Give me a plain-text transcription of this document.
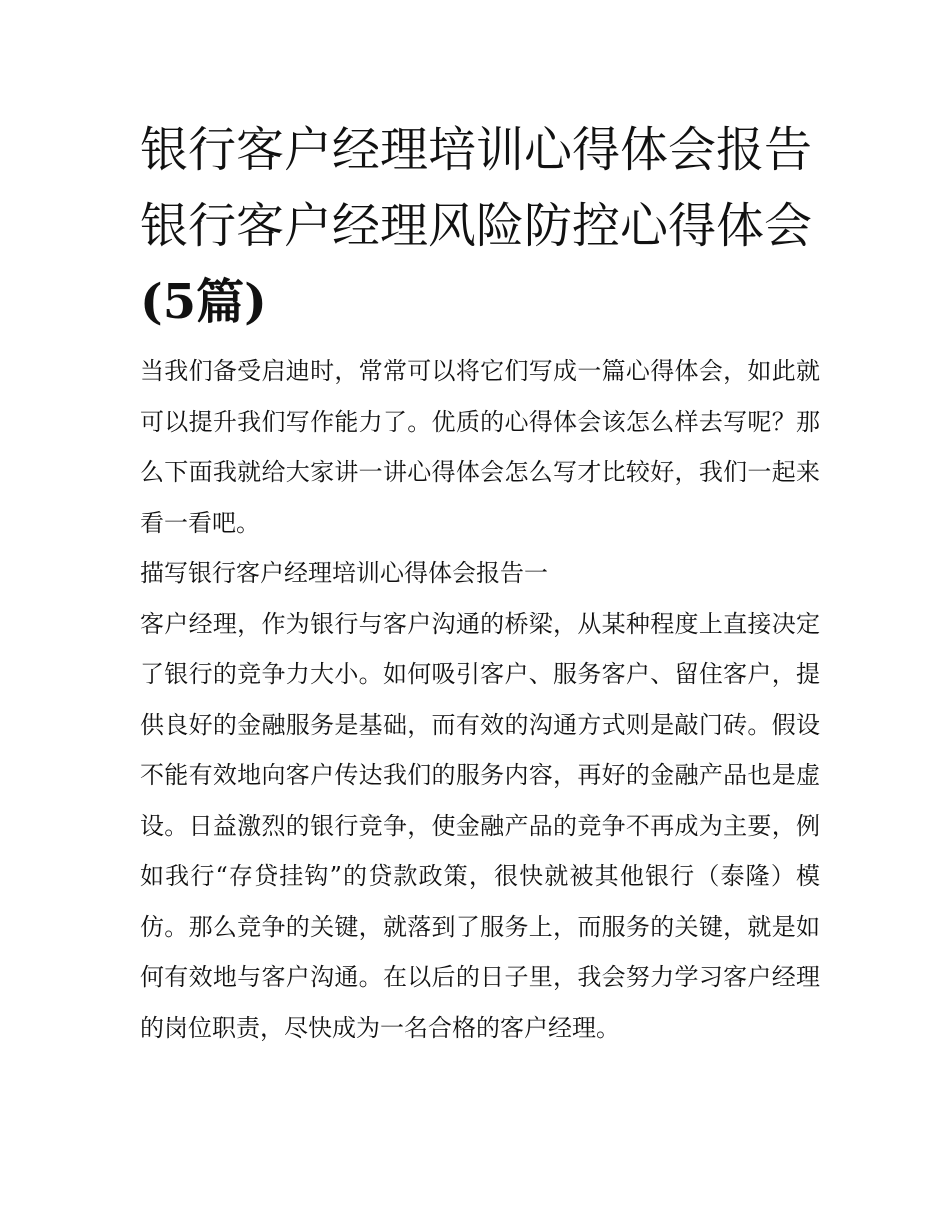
银行客户经理培训心得体会报告 银行客户经理风险防控心得体会(5篇)

当我们备受启迪时，常常可以将它们写成一篇心得体会，如此就可以提升我们写作能力了。优质的心得体会该怎么样去写呢？那么下面我就给大家讲一讲心得体会怎么写才比较好，我们一起来看一看吧。

描写银行客户经理培训心得体会报告一

客户经理，作为银行与客户沟通的桥梁，从某种程度上直接决定了银行的竞争力大小。如何吸引客户、服务客户、留住客户，提供良好的金融服务是基础，而有效的沟通方式则是敲门砖。假设不能有效地向客户传达我们的服务内容，再好的金融产品也是虚设。日益激烈的银行竞争，使金融产品的竞争不再成为主要，例如我行“存贷挂钩”的贷款政策，很快就被其他银行（泰隆）模仿。那么竞争的关键，就落到了服务上，而服务的关键，就是如何有效地与客户沟通。在以后的日子里，我会努力学习客户经理的岗位职责，尽快成为一名合格的客户经理。
